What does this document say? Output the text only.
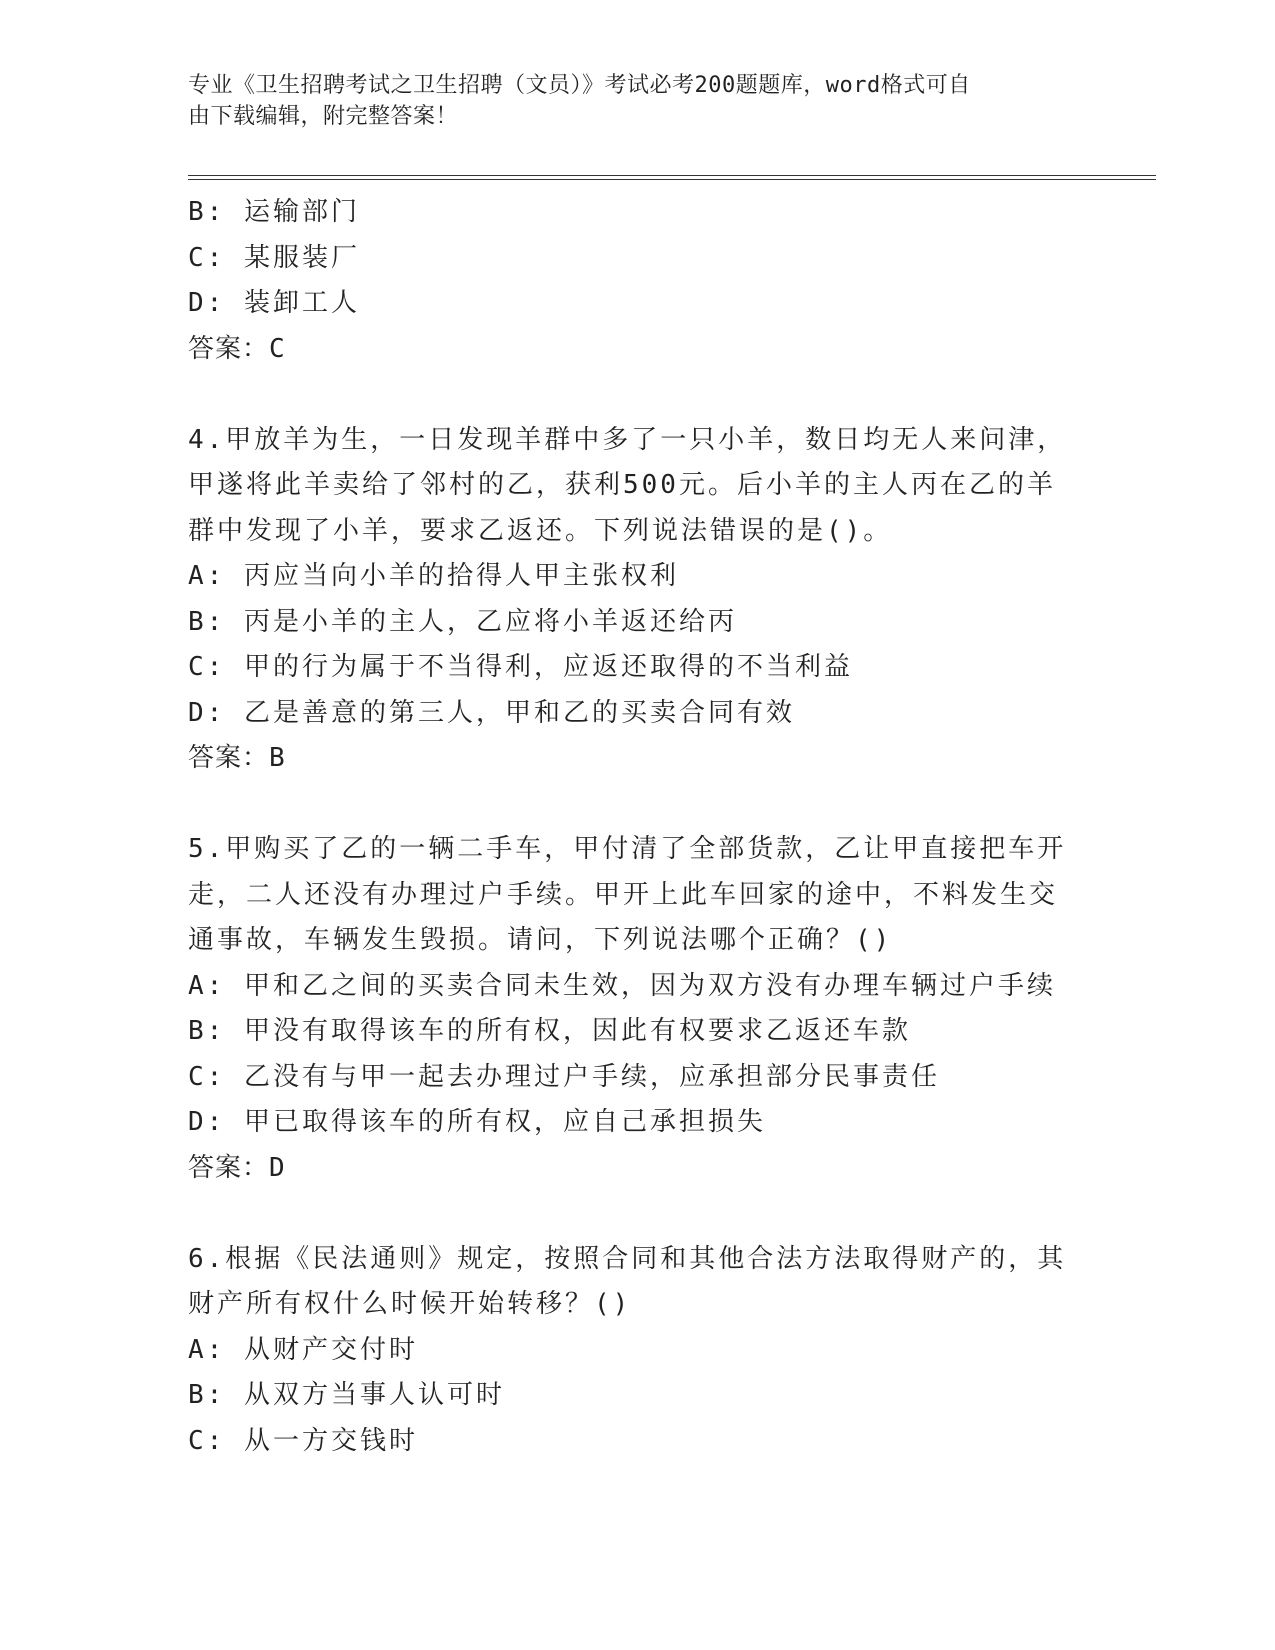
专业《卫生招聘考试之卫生招聘（文员）》考试必考200题题库，word格式可自
由下载编辑，附完整答案！
B: 运输部门
C: 某服装厂
D: 装卸工人
答案：C
4.甲放羊为生，一日发现羊群中多了一只小羊，数日均无人来问津，
甲遂将此羊卖给了邻村的乙，获利500元。后小羊的主人丙在乙的羊
群中发现了小羊，要求乙返还。下列说法错误的是()。
A: 丙应当向小羊的拾得人甲主张权利
B: 丙是小羊的主人，乙应将小羊返还给丙
C: 甲的行为属于不当得利，应返还取得的不当利益
D: 乙是善意的第三人，甲和乙的买卖合同有效
答案：B
5.甲购买了乙的一辆二手车，甲付清了全部货款，乙让甲直接把车开
走，二人还没有办理过户手续。甲开上此车回家的途中，不料发生交
通事故，车辆发生毁损。请问，下列说法哪个正确？()
A: 甲和乙之间的买卖合同未生效，因为双方没有办理车辆过户手续
B: 甲没有取得该车的所有权，因此有权要求乙返还车款
C: 乙没有与甲一起去办理过户手续，应承担部分民事责任
D: 甲已取得该车的所有权，应自己承担损失
答案：D
6.根据《民法通则》规定，按照合同和其他合法方法取得财产的，其
财产所有权什么时候开始转移？()
A: 从财产交付时
B: 从双方当事人认可时
C: 从一方交钱时
